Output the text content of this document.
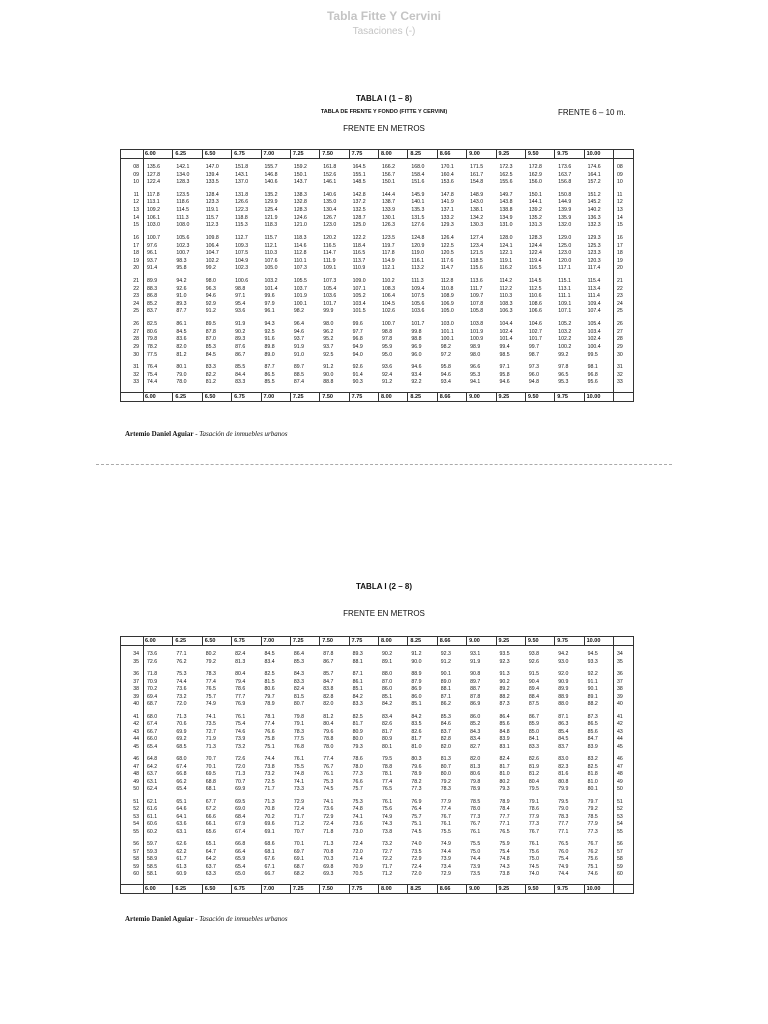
Tabla Fitte Y Cervini
Tasaciones (-)
TABLA I (1 – 8)
TABLA DE FRENTE Y FONDO (FITTE Y CERVINI)	FRENTE 6 – 10 m.
FRENTE EN METROS
6.00	6.25	6.50	6.75	7.00	7.25	7.50	7.75	8.00	8.25	8.66	9.00	9.25	9.50	9.75	10.00
6.00	6.25	6.50	6.75	7.00	7.25	7.50	7.75	8.00	8.25	8.66	9.00	9.25	9.50	9.75	10.00
08 135.6	142.1	147.0	151.8	155.7	159.2	161.8	164.5	166.2	168.0	170.1	171.5	172.3	172.8	173.6	174.6	08
09 127.8	134.0	139.4	143.1	146.8	150.1	152.6	155.1	156.7	158.4	160.4	161.7	162.5	162.9	163.7	164.1	09
10 122.4	128.3	133.5	137.0	140.6	143.7	146.1	148.5	150.1	151.6	153.6	154.8	155.6	156.0	156.8	157.2	10
11 117.8	123.5	128.4	131.8	135.2	138.3	140.6	142.8	144.4	145.9	147.8	148.9	149.7	150.1	150.8	151.2	11
12 113.1	118.6	123.3	126.6	129.9	132.8	135.0	137.2	138.7	140.1	141.9	143.0	143.8	144.1	144.9	145.2	12
13 109.2	114.5	119.1	122.3	125.4	128.3	130.4	132.5	133.9	135.3	137.1	138.1	138.8	139.2	139.9	140.2	13
14 106.1	111.3	115.7	118.8	121.9	124.6	126.7	128.7	130.1	131.5	133.2	134.2	134.9	135.2	135.9	136.3	14
15 103.0	108.0	112.3	115.3	118.3	121.0	123.0	125.0	126.3	127.6	129.3	130.3	131.0	131.3	132.0	132.3	15
16 100.7	105.6	109.8	112.7	115.7	118.3	120.2	122.2	123.5	124.8	126.4	127.4	128.0	128.3	129.0	129.3	16
17 97.6	102.3	106.4	109.3	112.1	114.6	116.5	118.4	119.7	120.9	122.5	123.4	124.1	124.4	125.0	125.3	17
18 96.1	100.7	104.7	107.5	110.3	112.8	114.7	116.5	117.8	119.0	120.5	121.5	122.1	122.4	123.0	123.3	18
19 93.7	98.3	102.2	104.9	107.6	110.1	111.9	113.7	114.9	116.1	117.6	118.5	119.1	119.4	120.0	120.3	19
20 91.4	95.8	99.2	102.3	105.0	107.3	109.1	110.9	112.1	113.2	114.7	115.6	116.2	116.5	117.1	117.4	20
21 89.9	94.2	98.0	100.6	103.2	105.5	107.3	109.0	110.2	111.3	112.8	113.6	114.2	114.5	115.1	115.4	21
22 88.3	92.6	96.3	98.8	101.4	103.7	105.4	107.1	108.3	109.4	110.8	111.7	112.2	112.5	113.1	113.4	22
23 86.8	91.0	94.6	97.1	99.6	101.9	103.6	105.2	106.4	107.5	108.9	109.7	110.3	110.6	111.1	111.4	23
24 85.2	89.3	92.9	95.4	97.9	100.1	101.7	103.4	104.5	105.6	106.9	107.8	108.3	108.6	109.1	109.4	24
25 83.7	87.7	91.2	93.6	96.1	98.2	99.9	101.5	102.6	103.6	105.0	105.8	106.3	106.6	107.1	107.4	25
26 82.5	86.1	89.5	91.9	94.3	96.4	98.0	99.6	100.7	101.7	103.0	103.8	104.4	104.6	105.2	105.4	26
27 80.6	84.5	87.8	90.2	92.5	94.6	96.2	97.7	98.8	99.8	101.1	101.9	102.4	102.7	103.2	103.4	27
28 79.8	83.6	87.0	89.3	91.6	93.7	95.2	96.8	97.8	98.8	100.1	100.9	101.4	101.7	102.2	102.4	28
29 78.2	82.0	85.3	87.6	89.8	91.9	93.7	94.9	95.9	96.9	98.2	98.9	99.4	99.7	100.2	100.4	29
30 77.5	81.2	84.5	86.7	89.0	91.0	92.5	94.0	95.0	96.0	97.2	98.0	98.5	98.7	99.2	99.5	30
31 76.4	80.1	83.3	85.5	87.7	89.7	91.2	92.6	93.6	94.6	95.8	96.6	97.1	97.3	97.8	98.1	31
32 75.4	79.0	82.2	84.4	86.5	88.5	90.0	91.4	92.4	93.4	94.6	95.3	95.8	96.0	96.5	96.8	32
33 74.4	78.0	81.2	83.3	85.5	87.4	88.8	90.3	91.2	92.2	93.4	94.1	94.6	94.8	95.3	95.6	33
Artemio Daniel Aguiar - Tasación de inmuebles urbanos
TABLA I (2 – 8)
FRENTE EN METROS
6.00	6.25	6.50	6.75	7.00	7.25	7.50	7.75	8.00	8.25	8.66	9.00	9.25	9.50	9.75	10.00
6.00	6.25	6.50	6.75	7.00	7.25	7.50	7.75	8.00	8.25	8.66	9.00	9.25	9.50	9.75	10.00
34 73.6	77.1	80.2	82.4	84.5	86.4	87.8	89.3	90.2	91.2	92.3	93.1	93.5	93.8	94.2	94.5	34
35 72.6	76.2	79.2	81.3	83.4	85.3	86.7	88.1	89.1	90.0	91.2	91.9	92.3	92.6	93.0	93.3	35
36 71.8	75.3	78.3	80.4	82.5	84.3	85.7	87.1	88.0	88.9	90.1	90.8	91.3	91.5	92.0	92.2	36
37 70.9	74.4	77.4	79.4	81.5	83.3	84.7	86.1	87.0	87.9	89.0	89.7	90.2	90.4	90.9	91.1	37
38 70.2	73.6	76.5	78.6	80.6	82.4	83.8	85.1	86.0	86.9	88.1	88.7	89.2	89.4	89.9	90.1	38
39 69.4	73.2	75.7	77.7	79.7	81.5	82.8	84.2	85.1	86.0	87.1	87.8	88.2	88.4	88.9	89.1	39
40 68.7	72.0	74.9	76.9	78.9	80.7	82.0	83.3	84.2	85.1	86.2	86.9	87.3	87.5	88.0	88.2	40
41 68.0	71.3	74.1	76.1	78.1	79.8	81.2	82.5	83.4	84.2	85.3	86.0	86.4	86.7	87.1	87.3	41
42 67.4	70.6	73.5	75.4	77.4	79.1	80.4	81.7	82.6	83.5	84.6	85.2	85.6	85.9	86.3	86.5	42
43 66.7	69.9	72.7	74.6	76.6	78.3	79.6	80.9	81.7	82.6	83.7	84.3	84.8	85.0	85.4	85.6	43
44 66.0	69.2	71.9	73.9	75.8	77.5	78.8	80.0	80.9	81.7	82.8	83.4	83.9	84.1	84.5	84.7	44
45 65.4	68.5	71.3	73.2	75.1	76.8	78.0	79.3	80.1	81.0	82.0	82.7	83.1	83.3	83.7	83.9	45
46 64.8	68.0	70.7	72.6	74.4	76.1	77.4	78.6	79.5	80.3	81.3	82.0	82.4	82.6	83.0	83.2	46
47 64.2	67.4	70.1	72.0	73.8	75.5	76.7	78.0	78.8	79.6	80.7	81.3	81.7	81.9	82.3	82.5	47
48 63.7	66.8	69.5	71.3	73.2	74.8	76.1	77.3	78.1	78.9	80.0	80.6	81.0	81.2	81.6	81.8	48
49 63.1	66.2	68.8	70.7	72.5	74.1	75.3	76.6	77.4	78.2	79.2	79.8	80.2	80.4	80.8	81.0	49
50 62.4	65.4	68.1	69.9	71.7	73.3	74.5	75.7	76.5	77.3	78.3	78.9	79.3	79.5	79.9	80.1	50
51 62.1	65.1	67.7	69.5	71.3	72.9	74.1	75.3	76.1	76.9	77.9	78.5	78.9	79.1	79.5	79.7	51
52 61.6	64.6	67.2	69.0	70.8	72.4	73.6	74.8	75.6	76.4	77.4	78.0	78.4	78.6	79.0	79.2	52
53 61.1	64.1	66.6	68.4	70.2	71.7	72.9	74.1	74.9	75.7	76.7	77.3	77.7	77.9	78.3	78.5	53
54 60.6	63.6	66.1	67.9	69.6	71.2	72.4	73.6	74.3	75.1	76.1	76.7	77.1	77.3	77.7	77.9	54
55 60.2	63.1	65.6	67.4	69.1	70.7	71.8	73.0	73.8	74.5	75.5	76.1	76.5	76.7	77.1	77.3	55
56 59.7	62.6	65.1	66.8	68.6	70.1	71.3	72.4	73.2	74.0	74.9	75.5	75.9	76.1	76.5	76.7	56
57 59.3	62.2	64.7	66.4	68.1	69.7	70.8	72.0	72.7	73.5	74.4	75.0	75.4	75.6	76.0	76.2	57
58 58.9	61.7	64.2	65.9	67.6	69.1	70.3	71.4	72.2	72.9	73.9	74.4	74.8	75.0	75.4	75.6	58
59 58.5	61.3	63.7	65.4	67.1	68.7	69.8	70.9	71.7	72.4	73.4	73.9	74.3	74.5	74.9	75.1	59
60 58.1	60.9	63.3	65.0	66.7	68.2	69.3	70.5	71.2	72.0	72.9	73.5	73.8	74.0	74.4	74.6	60
Artemio Daniel Aguiar - Tasación de inmuebles urbanos
